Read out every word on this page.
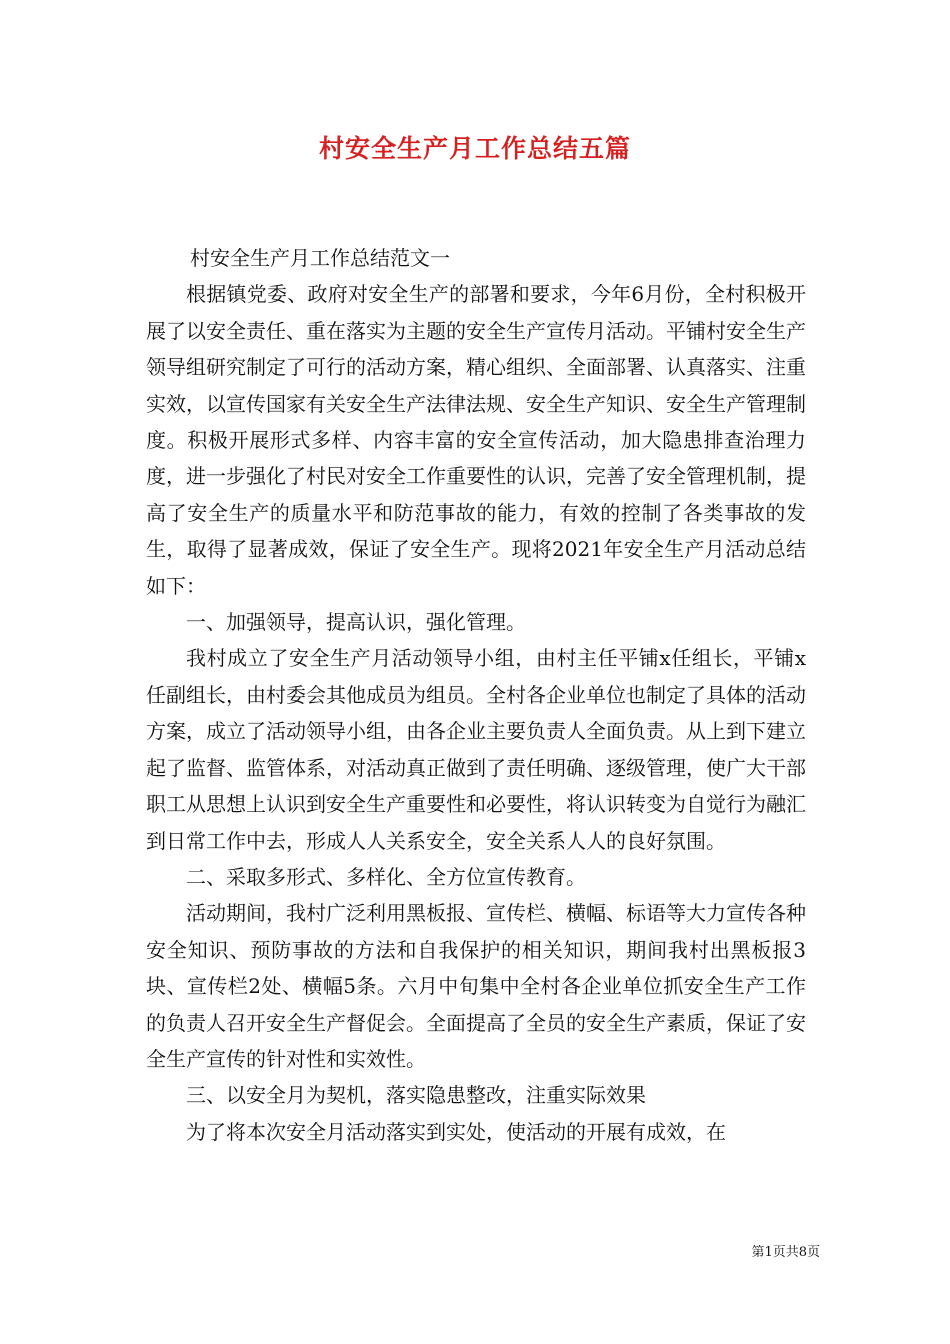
村安全生产月工作总结五篇

村安全生产月工作总结范文一

根据镇党委、政府对安全生产的部署和要求，今年6月份，全村积极开展了以安全责任、重在落实为主题的安全生产宣传月活动。平铺村安全生产领导组研究制定了可行的活动方案，精心组织、全面部署、认真落实、注重实效，以宣传国家有关安全生产法律法规、安全生产知识、安全生产管理制度。积极开展形式多样、内容丰富的安全宣传活动，加大隐患排查治理力度，进一步强化了村民对安全工作重要性的认识，完善了安全管理机制，提高了安全生产的质量水平和防范事故的能力，有效的控制了各类事故的发生，取得了显著成效，保证了安全生产。现将2021年安全生产月活动总结如下：

一、加强领导，提高认识，强化管理。

我村成立了安全生产月活动领导小组，由村主任平铺x任组长，平铺x任副组长，由村委会其他成员为组员。全村各企业单位也制定了具体的活动方案，成立了活动领导小组，由各企业主要负责人全面负责。从上到下建立起了监督、监管体系，对活动真正做到了责任明确、逐级管理，使广大干部职工从思想上认识到安全生产重要性和必要性，将认识转变为自觉行为融汇到日常工作中去，形成人人关系安全，安全关系人人的良好氛围。

二、采取多形式、多样化、全方位宣传教育。

活动期间，我村广泛利用黑板报、宣传栏、横幅、标语等大力宣传各种安全知识、预防事故的方法和自我保护的相关知识，期间我村出黑板报3块、宣传栏2处、横幅5条。六月中旬集中全村各企业单位抓安全生产工作的负责人召开安全生产督促会。全面提高了全员的安全生产素质，保证了安全生产宣传的针对性和实效性。

三、以安全月为契机，落实隐患整改，注重实际效果

为了将本次安全月活动落实到实处，使活动的开展有成效，在

第1页共8页
